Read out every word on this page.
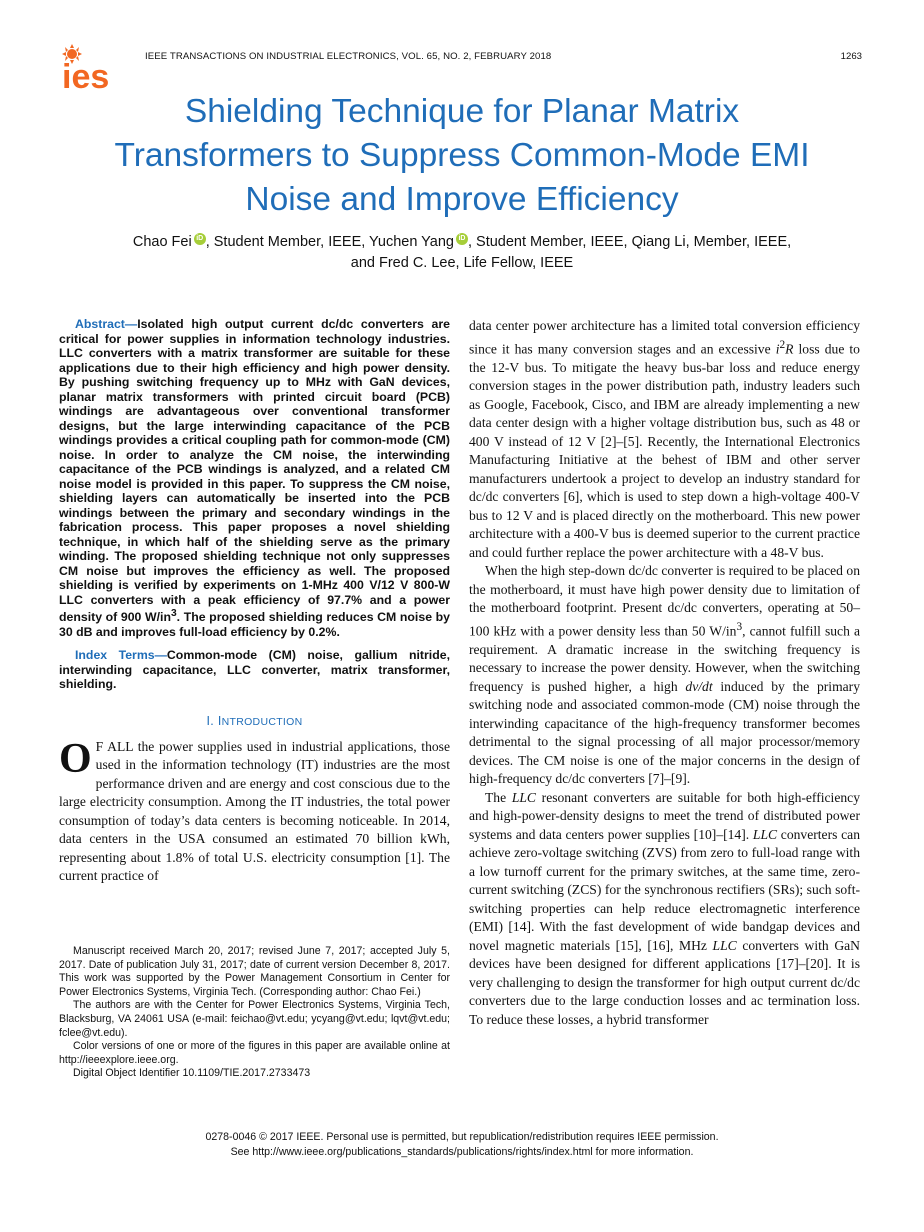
ies
IEEE TRANSACTIONS ON INDUSTRIAL ELECTRONICS, VOL. 65, NO. 2, FEBRUARY 2018	1263
Shielding Technique for Planar Matrix
Transformers to Suppress Common-Mode EMI
Noise and Improve Efficiency
Chao Fei iD , Student Member, IEEE, Yuchen Yang iD , Student Member, IEEE, Qiang Li, Member, IEEE,
and Fred C. Lee, Life Fellow, IEEE

Abstract—Isolated high output current dc/dc converters are critical for power supplies in information technology industries. LLC converters with a matrix transformer are suitable for these applications due to their high efficiency and high power density. By pushing switching frequency up to MHz with GaN devices, planar matrix transformers with printed circuit board (PCB) windings are advantageous over conventional transformer designs, but the large interwinding capacitance of the PCB windings provides a critical coupling path for common-mode (CM) noise. In order to analyze the CM noise, the interwinding capacitance of the PCB windings is analyzed, and a related CM noise model is provided in this paper. To suppress the CM noise, shielding layers can automatically be inserted into the PCB windings between the primary and secondary windings in the fabrication process. This paper proposes a novel shielding technique, in which half of the shielding serve as the primary winding. The proposed shielding technique not only suppresses CM noise but improves the efficiency as well. The proposed shielding is verified by experiments on 1-MHz 400 V/12 V 800-W LLC converters with a peak efficiency of 97.7% and a power density of 900 $W/in^3$. The proposed shielding reduces CM noise by 30 dB and improves full-load efficiency by 0.2%.

Index Terms—Common-mode (CM) noise, gallium nitride, interwinding capacitance, LLC converter, matrix transformer, shielding.

I. INTRODUCTION

O F ALL the power supplies used in industrial applications, those used in the information technology (IT) industries are the most performance driven and are energy and cost conscious due to the large electricity consumption. Among the IT industries, the total power consumption of today’s data centers is becoming noticeable. In 2014, data centers in the USA consumed an estimated 70 billion kWh, representing about 1.8% of total U.S. electricity consumption [1]. The current practice of

Manuscript received March 20, 2017; revised June 7, 2017; accepted July 5, 2017. Date of publication July 31, 2017; date of current version December 8, 2017. This work was supported by the Power Management Consortium in Center for Power Electronics Systems, Virginia Tech. (Corresponding author: Chao Fei.)

The authors are with the Center for Power Electronics Systems, Virginia Tech, Blacksburg, VA 24061 USA (e-mail: feichao@vt.edu; ycyang@vt.edu; lqvt@vt.edu; fclee@vt.edu).

Color versions of one or more of the figures in this paper are available online at http://ieeexplore.ieee.org.

Digital Object Identifier 10.1109/TIE.2017.2733473

data center power architecture has a limited total conversion efficiency since it has many conversion stages and an excessive $i^2R$ loss due to the 12-V bus. To mitigate the heavy bus-bar loss and reduce energy conversion stages in the power distribution path, industry leaders such as Google, Facebook, Cisco, and IBM are already implementing a new data center design with a higher voltage distribution bus, such as 48 or 400 V instead of 12 V [2]–[5]. Recently, the International Electronics Manufacturing Initiative at the behest of IBM and other server manufacturers undertook a project to develop an industry standard for dc/dc converters [6], which is used to step down a high-voltage 400-V bus to 12 V and is placed directly on the motherboard. This new power architecture with a 400-V bus is deemed superior to the current practice and could further replace the power architecture with a 48-V bus.

When the high step-down dc/dc converter is required to be placed on the motherboard, it must have high power density due to limitation of the motherboard footprint. Present dc/dc converters, operating at 50–100 kHz with a power density less than 50 $W/in^3$, cannot fulfill such a requirement. A dramatic increase in the switching frequency is necessary to increase the power density. However, when the switching frequency is pushed higher, a high dv/dt induced by the primary switching node and associated common-mode (CM) noise through the interwinding capacitance of the high-frequency transformer becomes detrimental to the signal processing of all major processor/memory devices. The CM noise is one of the major concerns in the design of high-frequency dc/dc converters [7]–[9].

The LLC resonant converters are suitable for both high-efficiency and high-power-density designs to meet the trend of distributed power systems and data centers power supplies [10]–[14]. LLC converters can achieve zero-voltage switching (ZVS) from zero to full-load range with a low turnoff current for the primary switches, at the same time, zero-current switching (ZCS) for the synchronous rectifiers (SRs); such soft-switching properties can help reduce electromagnetic interference (EMI) [14]. With the fast development of wide bandgap devices and novel magnetic materials [15], [16], MHz LLC converters with GaN devices have been designed for different applications [17]–[20]. It is very challenging to design the transformer for high output current dc/dc converters due to the large conduction losses and ac termination loss. To reduce these losses, a hybrid transformer

0278-0046 © 2017 IEEE. Personal use is permitted, but republication/redistribution requires IEEE permission.
See http://www.ieee.org/publications_standards/publications/rights/index.html for more information.
